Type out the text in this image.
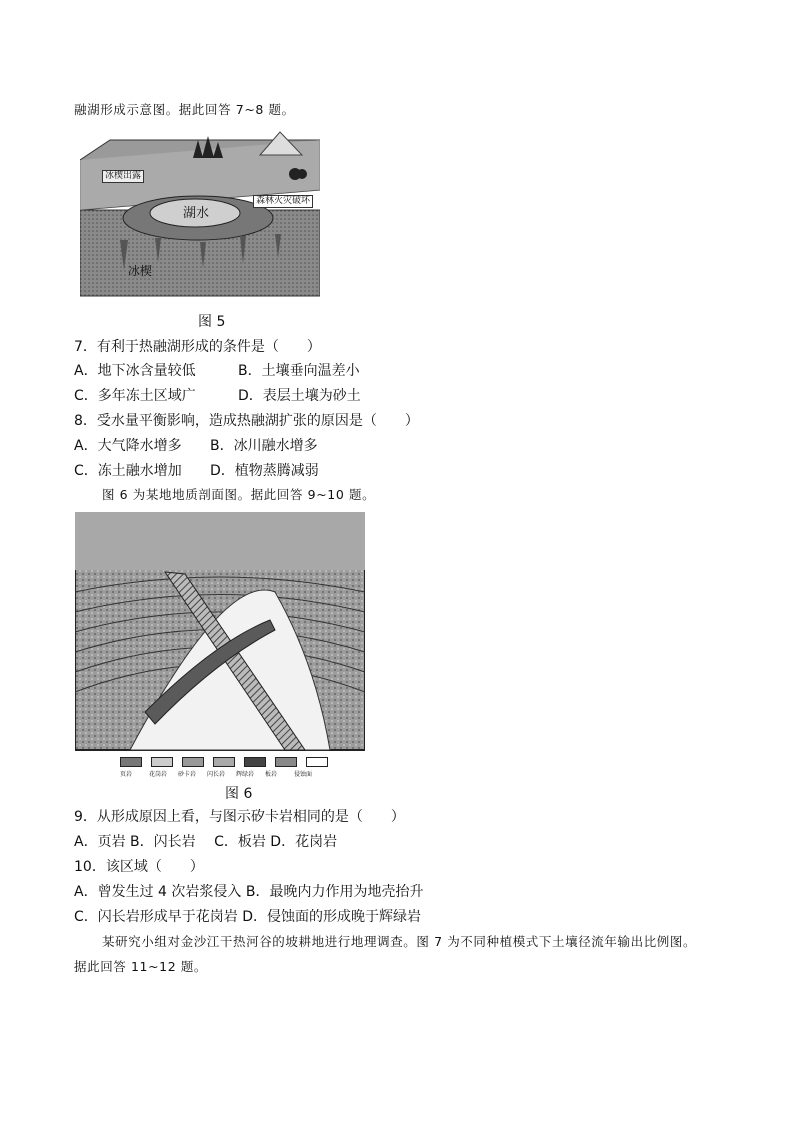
融湖形成示意图。据此回答 7~8 题。
冰楔出露
湖水
森林火灾破坏
冰楔
图 5
7．有利于热融湖形成的条件是（　　）
A．地下冰含量较低	B．土壤垂向温差小
C．多年冻土区域广	D．表层土壤为砂土
8．受水量平衡影响，造成热融湖扩张的原因是（　　）
A．大气降水增多 B．冰川融水增多
C．冻土融水增加 D．植物蒸腾减弱
图 6 为某地地质剖面图。据此回答 9~10 题。
页岩	花岗岩	砂卡岩	闪长岩	辉绿岩	板岩	侵蚀面
图 6
9．从形成原因上看，与图示矽卡岩相同的是（　　）
A．页岩 B．闪长岩　 C．板岩 D．花岗岩
10．该区域（　　）
A．曾发生过 4 次岩浆侵入 B．最晚内力作用为地壳抬升
C．闪长岩形成早于花岗岩 D．侵蚀面的形成晚于辉绿岩
某研究小组对金沙江干热河谷的坡耕地进行地理调查。图 7 为不同种植模式下土壤径流年输出比例图。
据此回答 11~12 题。
